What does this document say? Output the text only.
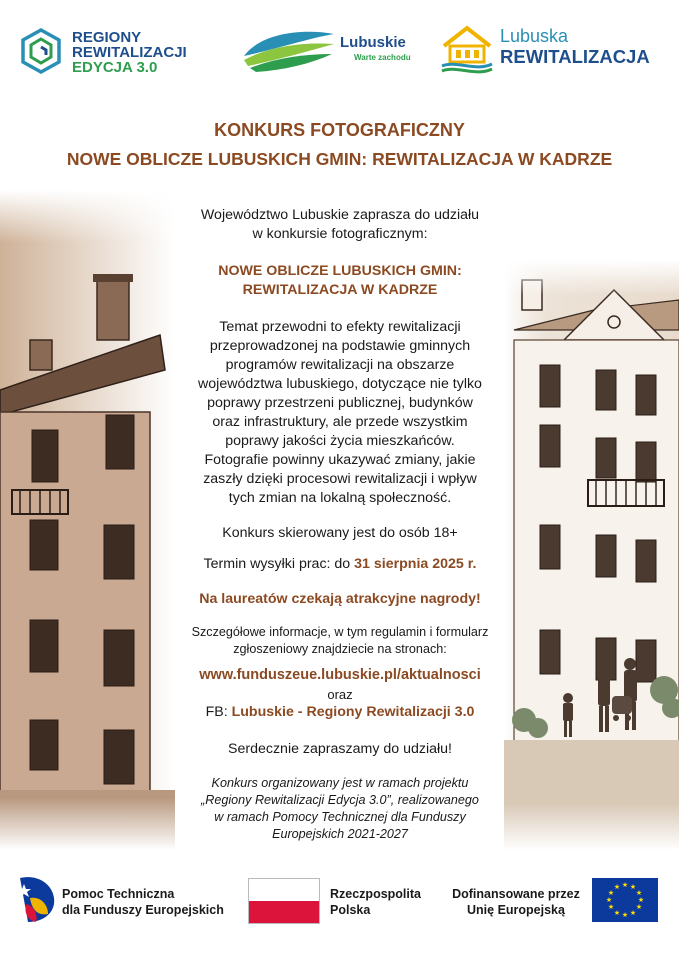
REGIONY
REWITALIZACJI
EDYCJA 3.0
Lubuskie
Warte zachodu
Lubuska
REWITALIZACJA
KONKURS FOTOGRAFICZNY
NOWE OBLICZE LUBUSKICH GMIN: REWITALIZACJA W KADRZE
Województwo Lubuskie zaprasza do udziału
w konkursie fotograficznym:
NOWE OBLICZE LUBUSKICH GMIN:
REWITALIZACJA W KADRZE
Temat przewodni to efekty rewitalizacji
przeprowadzonej na podstawie gminnych
programów rewitalizacji na obszarze
województwa lubuskiego, dotyczące nie tylko
poprawy przestrzeni publicznej, budynków
oraz infrastruktury, ale przede wszystkim
poprawy jakości życia mieszkańców.
Fotografie powinny ukazywać zmiany, jakie
zaszły dzięki procesowi rewitalizacji i wpływ
tych zmian na lokalną społeczność.
Konkurs skierowany jest do osób 18+
Termin wysyłki prac: do 31 sierpnia 2025 r.
Na laureatów czekają atrakcyjne nagrody!
Szczegółowe informacje, w tym regulamin i formularz
zgłoszeniowy znajdziecie na stronach:
www.funduszeue.lubuskie.pl/aktualnosci
oraz
FB: Lubuskie - Regiony Rewitalizacji 3.0
Serdecznie zapraszamy do udziału!
Konkurs organizowany jest w ramach projektu
„Regiony Rewitalizacji Edycja 3.0”, realizowanego
w ramach Pomocy Technicznej dla Funduszy
Europejskich 2021-2027
Pomoc Techniczna
dla Funduszy Europejskich
Rzeczpospolita
Polska
Dofinansowane przez
Unię Europejską
★ ★
★
★
★
★
★
★
★
★
★
★
